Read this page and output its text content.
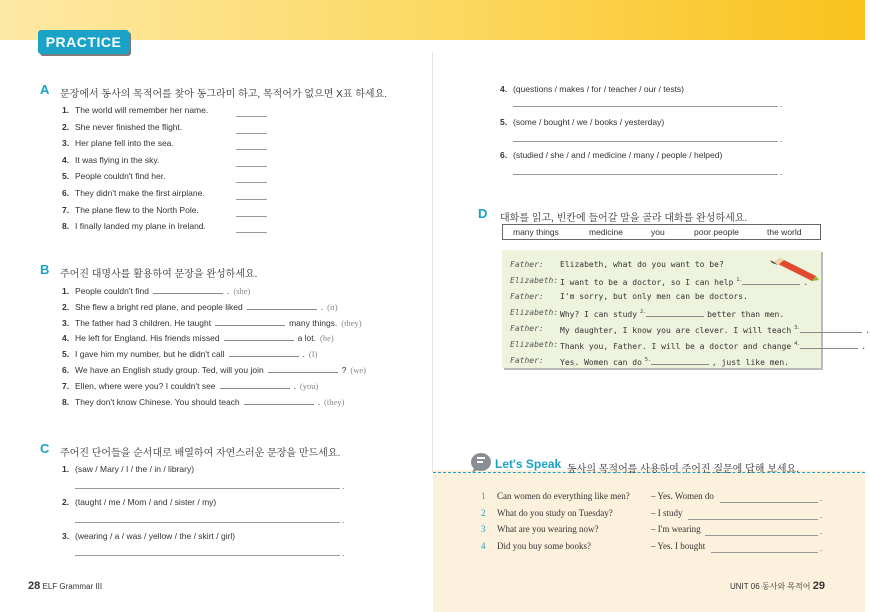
PRACTICE
A 문장에서 동사의 목적어를 찾아 동그라미 하고, 목적어가 없으면 X표 하세요.
1. The world will remember her name.
2. She never finished the flight.
3. Her plane fell into the sea.
4. It was flying in the sky.
5. People couldn't find her.
6. They didn't make the first airplane.
7. The plane flew to the North Pole.
8. I finally landed my plane in Ireland.
B 주어진 대명사를 활용하여 문장을 완성하세요.
1. People couldn't find	. (she)
2. She flew a bright red plane, and people liked	. (it)
3. The father had 3 children. He taught	many things. (they)
4. He left for England. His friends missed	a lot. (he)
5. I gave him my number, but he didn't call	. (I)
6. We have an English study group. Ted, will you join	? (we)
7. Ellen, where were you? I couldn't see	. (you)
8. They don't know Chinese. You should teach	. (they)
C 주어진 단어들을 순서대로 배열하여 자연스러운 문장을 만드세요.
1. (saw / Mary / I / the / in / library)
.
2. (taught / me / Mom / and / sister / my)
.
3. (wearing / a / was / yellow / the / skirt / girl)
.
4. (questions / makes / for / teacher / our / tests)
.
5. (some / bought / we / books / yesterday)
.
6. (studied / she / and / medicine / many / people / helped)
.
D 대화를 읽고, 빈칸에 들어갈 말을 골라 대화를 완성하세요.
many things	medicine	you	poor people	the world
Father: Elizabeth, what do you want to be?
Elizabeth: I want to be a doctor, so I can help $^{1.}$	.
Father: I'm sorry, but only men can be doctors.
Elizabeth: Why? I can study $^{2.}$	better than men.
Father: My daughter, I know you are clever. I will teach $^{3.}$	.
Elizabeth: Thank you, Father. I will be a doctor and change $^{4.}$	.
Father: Yes. Women can do $^{5.}$	, just like men.
Let's Speak 동사의 목적어를 사용하여 주어진 질문에 답해 보세요.
1 Can women do everything like men? – Yes. Women do	.
2 What do you study on Tuesday?	– I study	.
3 What are you wearing now?	– I'm wearing	.
4 Did you buy some books?	– Yes. I bought	.
28 ELF Grammar III	UNIT 06 동사와 목적어 29
